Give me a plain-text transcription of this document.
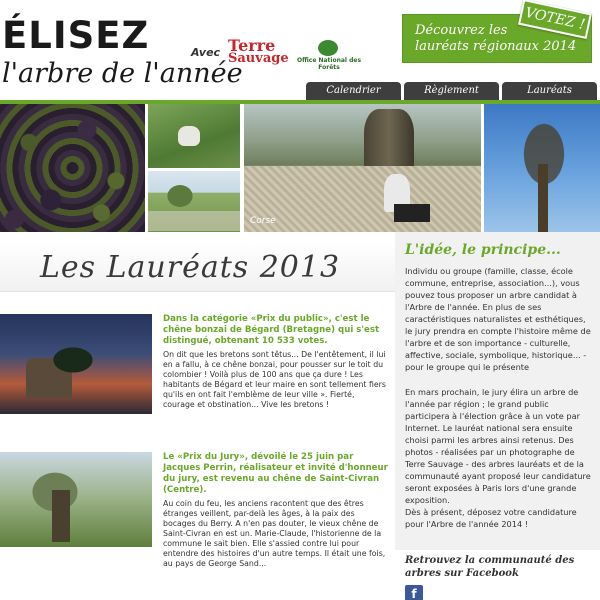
ÉLISEZ
l'arbre de l'année
Avec Terre
Sauvage	Office National des Forêts
Découvrez les
lauréats régionaux 2014
VOTEZ !
Calendrier	Règlement	Lauréats
Corse
Les Lauréats 2013
Dans la catégorie «Prix du public», c'est le chêne bonzai de Bégard (Bretagne) qui s'est distingué, obtenant 10 533 votes.
On dit que les bretons sont têtus... De l'entêtement, il lui en a fallu, à ce chêne bonzai, pour pousser sur le toit du colombier ! Voilà plus de 100 ans que ça dure ! Les habitants de Bégard et leur maire en sont tellement fiers qu'ils en ont fait l'emblème de leur ville ». Fierté, courage et obstination... Vive les bretons !
Le «Prix du Jury», dévoilé le 25 juin par Jacques Perrin, réalisateur et invité d'honneur du jury, est revenu au chêne de Saint-Civran (Centre).
Au coin du feu, les anciens racontent que des êtres étranges veillent, par-delà les âges, à la paix des bocages du Berry. A n'en pas douter, le vieux chêne de Saint-Civran en est un. Marie-Claude, l'historienne de la commune le sait bien. Elle s'assied contre lui pour entendre des histoires d'un autre temps. Il était une fois, au pays de George Sand...
L'idée, le principe...
Individu ou groupe (famille, classe, école commune, entreprise, association...), vous pouvez tous proposer un arbre candidat à l'Arbre de l'année. En plus de ses caractéristiques naturalistes et esthétiques, le jury prendra en compte l'histoire même de l'arbre et de son importance - culturelle, affective, sociale, symbolique, historique... - pour le groupe qui le présente
En mars prochain, le jury élira un arbre de l'année par région ; le grand public participera à l'élection grâce à un vote par Internet. Le lauréat national sera ensuite choisi parmi les arbres ainsi retenus. Des photos - réalisées par un photographe de Terre Sauvage - des arbres lauréats et de la communauté ayant proposé leur candidature seront exposées à Paris lors d'une grande exposition.
Dès à présent, déposez votre candidature pour l'Arbre de l'année 2014 !
Retrouvez la communauté des arbres sur Facebook
f
